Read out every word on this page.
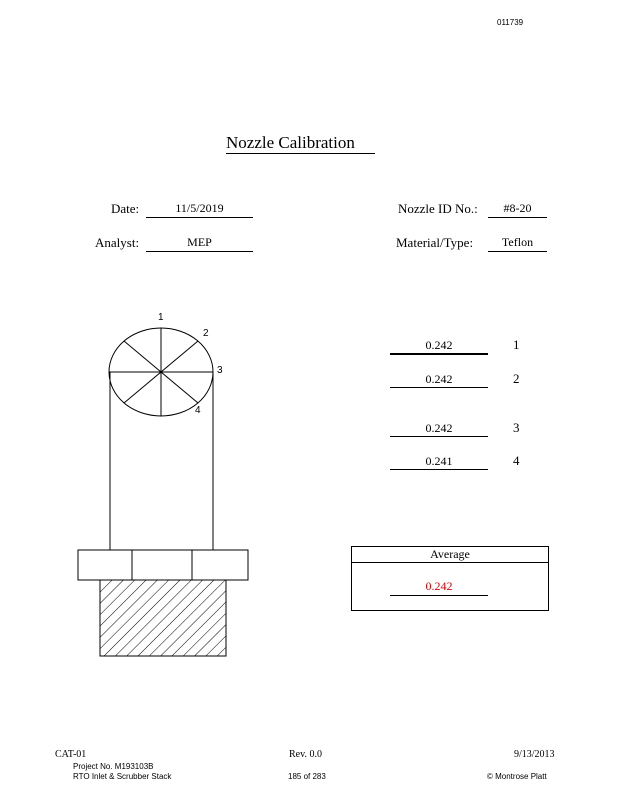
011739
Nozzle Calibration
Date:	11/5/2019
Analyst:	MEP
Nozzle ID No.:	#8-20
Material/Type:	Teflon
1
2
3
4
0.242	1
0.242	2
0.242	3
0.241	4
Average
0.242
CAT-01	Rev. 0.0	9/13/2013
Project No. M193103B
RTO Inlet & Scrubber Stack	185 of 283	© Montrose Platt
